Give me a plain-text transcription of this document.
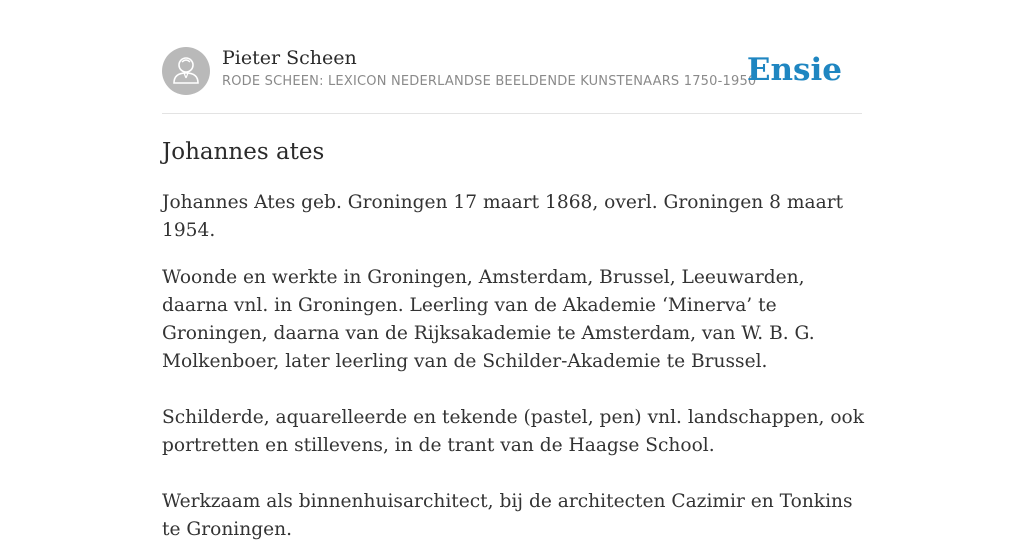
Pieter Scheen
RODE SCHEEN: LEXICON NEDERLANDSE BEELDENDE KUNSTENAARS 1750-1950
Ensie
Johannes ates

Johannes Ates geb. Groningen 17 maart 1868, overl. Groningen 8 maart 1954.

Woonde en werkte in Groningen, Amsterdam, Brussel, Leeuwarden, daarna vnl. in Groningen. Leerling van de Akademie ‘Minerva’ te Groningen, daarna van de Rijksakademie te Amsterdam, van W. B. G. Molkenboer, later leerling van de Schilder-Akademie te Brussel.

Schilderde, aquarelleerde en tekende (pastel, pen) vnl. landschappen, ook portretten en stillevens, in de trant van de Haagse School.

Werkzaam als binnenhuisarchitect, bij de architecten Cazimir en Tonkins te Groningen.
